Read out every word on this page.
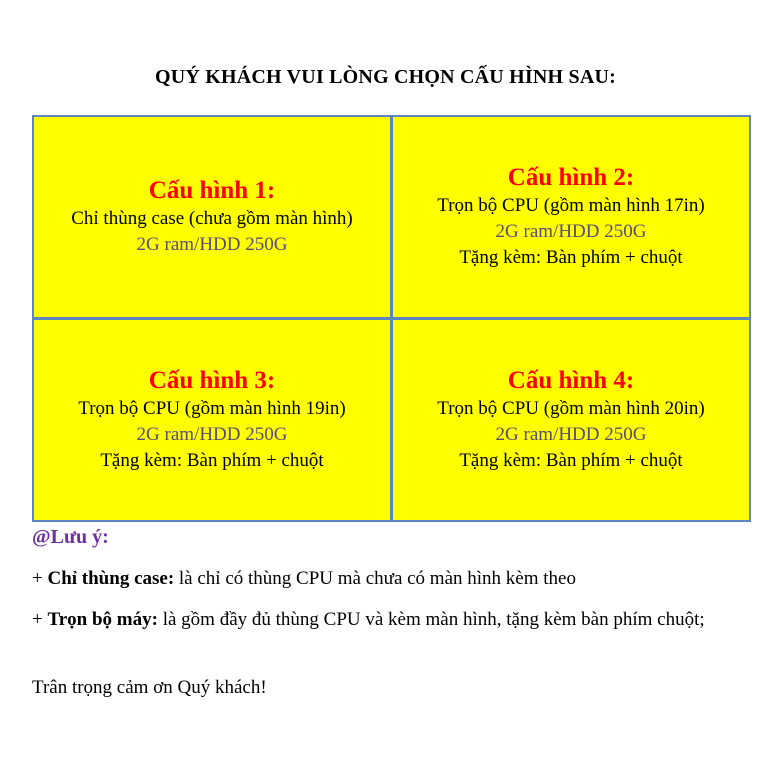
QUÝ KHÁCH VUI LÒNG CHỌN CẤU HÌNH SAU:
Cấu hình 1:
Chỉ thùng case (chưa gồm màn hình)
2G ram/HDD 250G
Cấu hình 2:
Trọn bộ CPU (gồm màn hình 17in)
2G ram/HDD 250G
Tặng kèm: Bàn phím + chuột
Cấu hình 3:
Trọn bộ CPU (gồm màn hình 19in)
2G ram/HDD 250G
Tặng kèm: Bàn phím + chuột
Cấu hình 4:
Trọn bộ CPU (gồm màn hình 20in)
2G ram/HDD 250G
Tặng kèm: Bàn phím + chuột
@Lưu ý:
+ Chỉ thùng case: là chỉ có thùng CPU mà chưa có màn hình kèm theo
+ Trọn bộ máy: là gồm đầy đủ thùng CPU và kèm màn hình, tặng kèm bàn phím chuột;
Trân trọng cảm ơn Quý khách!
